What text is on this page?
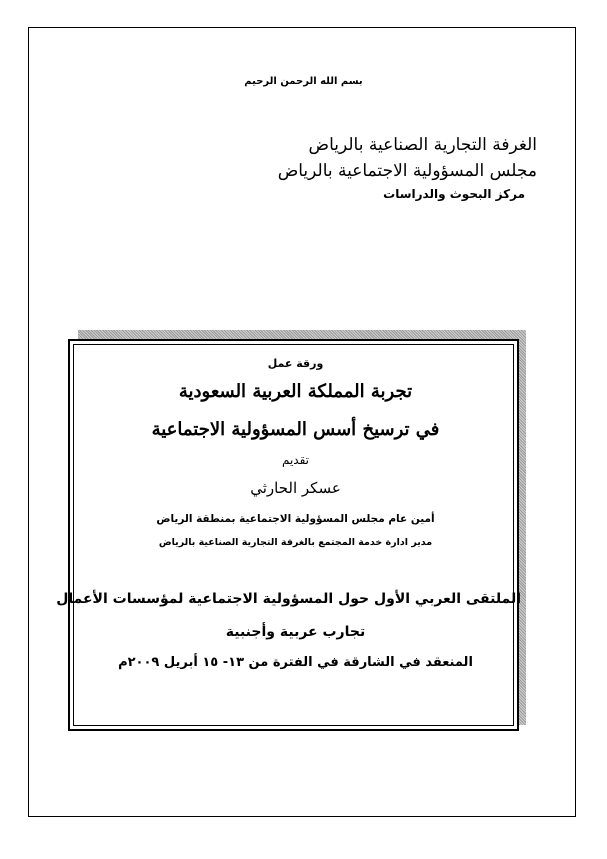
بسم الله الرحمن الرحيم
الغرفة التجارية الصناعية بالرياض
مجلس المسؤولية الاجتماعية بالرياض
مركز البحوث والدراسات
ورقة عمل
تجربة المملكة العربية السعودية
في ترسيخ أسس المسؤولية الاجتماعية
تقديم
عسكر الحارثي
أمين عام مجلس المسؤولية الاجتماعية بمنطقة الرياض
مدير ادارة خدمة المجتمع بالغرفة التجارية الصناعية بالرياض
الملتقى العربي الأول حول المسؤولية الاجتماعية لمؤسسات الأعمال
تجارب عربية وأجنبية
المنعقد في الشارقة في الفترة من ١٣- ١٥ أبريل ٢٠٠٩م
